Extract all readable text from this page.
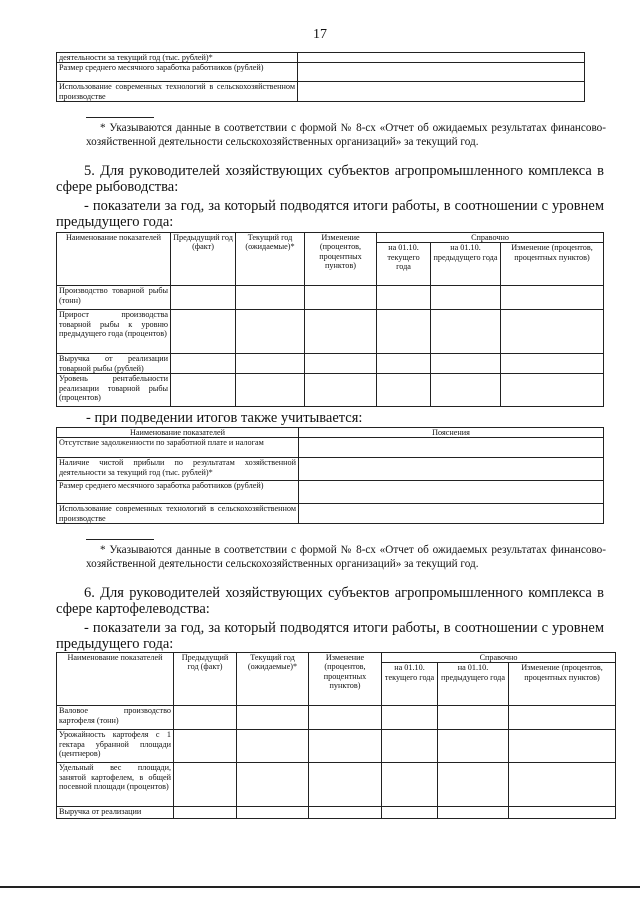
17
деятельности за текущий год (тыс. рублей)*	
Размер среднего месячного заработка работников (рублей)	
Использование современных технологий в сельскохозяйственном производстве	
* Указываются данные в соответствии с формой № 8-сх «Отчет об ожидаемых результатах финансово-хозяйственной деятельности сельскохозяйственных организаций» за текущий год.
5. Для руководителей хозяйствующих субъектов агропромышленного комплекса в сфере рыбоводства:
- показатели за год, за который подводятся итоги работы, в соотношении с уровнем предыдущего года:
Наименование показателей	Предыдущий год (факт)	Текущий год (ожидаемые)*	Изменение (процентов, процентных пунктов)	Справочно		
				на 01.10. текущего года	на 01.10. предыдущего года	Изменение (процентов, процентных пунктов)
Производство товарной рыбы (тонн)						
Прирост производства товарной рыбы к уровню предыдущего года (процентов)						
Выручка от реализации товарной рыбы (рублей)						
Уровень рентабельности реализации товарной рыбы (процентов)						
- при подведении итогов также учитывается:
Наименование показателей	Пояснения
Отсутствие задолженности по заработной плате и налогам	
Наличие чистой прибыли по результатам хозяйственной деятельности за текущий год (тыс. рублей)*	
Размер среднего месячного заработка работников (рублей)	
Использование современных технологий в сельскохозяйственном производстве	
* Указываются данные в соответствии с формой № 8-сх «Отчет об ожидаемых результатах финансово-хозяйственной деятельности сельскохозяйственных организаций» за текущий год.
6. Для руководителей хозяйствующих субъектов агропромышленного комплекса в сфере картофелеводства:
- показатели за год, за который подводятся итоги работы, в соотношении с уровнем предыдущего года:
Наименование показателей	Предыдущий год (факт)	Текущий год (ожидаемые)*	Изменение (процентов, процентных пунктов)	Справочно		
				на 01.10. текущего года	на 01.10. предыдущего года	Изменение (процентов, процентных пунктов)
Валовое производство картофеля (тонн)						
Урожайность картофеля с 1 гектара убранной площади (центнеров)						
Удельный вес площади, занятой картофелем, в общей посевной площади (процентов)						
Выручка от реализации						
